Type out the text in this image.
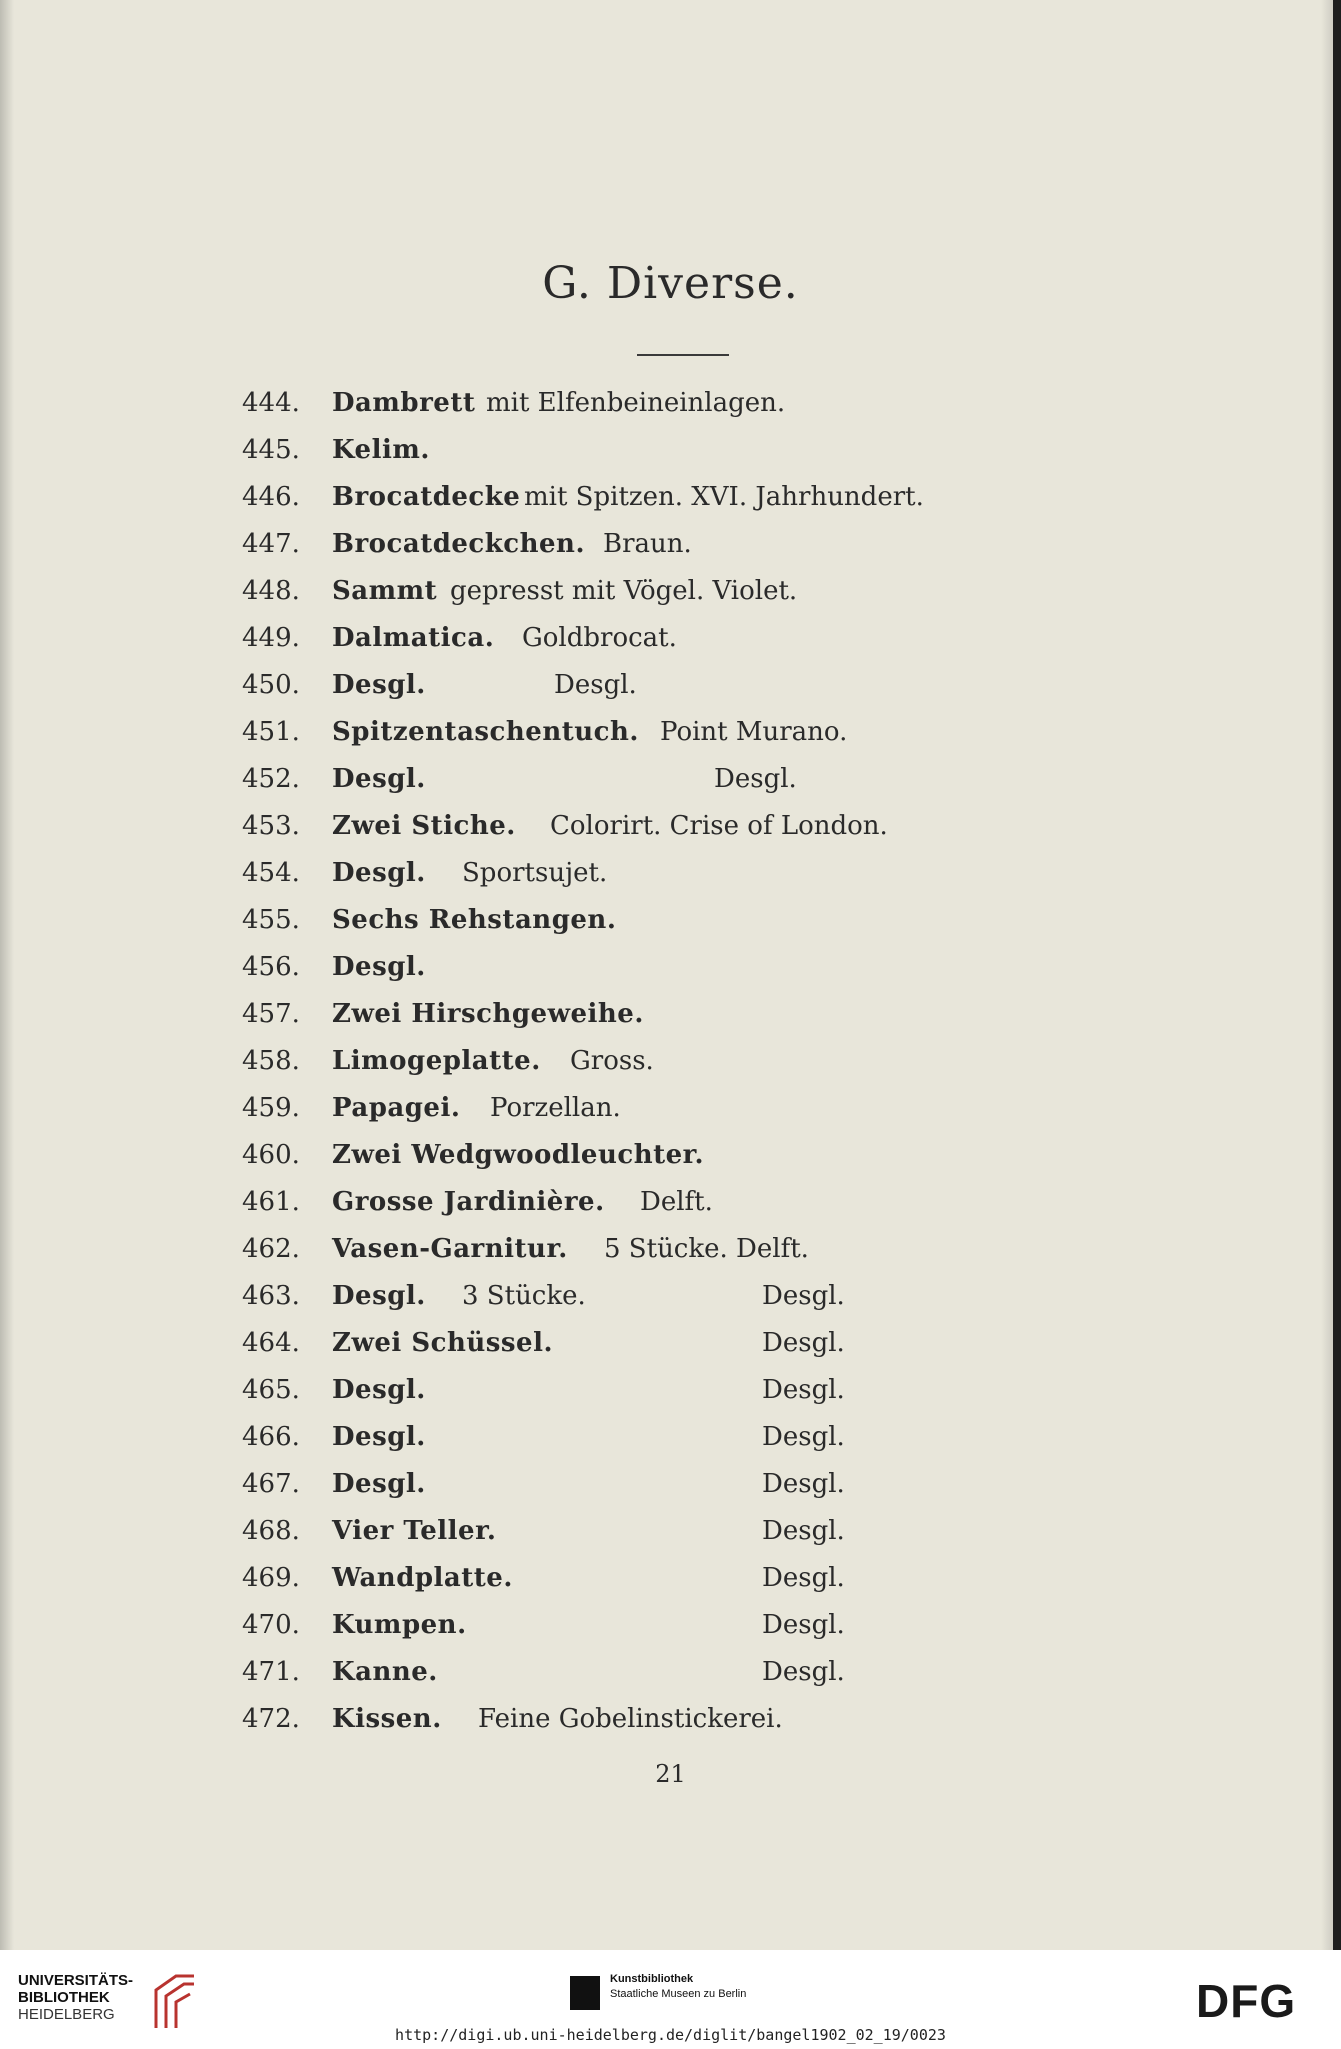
G. Diverse.
444. Dambrett mit Elfenbeineinlagen.
445. Kelim.
446. Brocatdecke mit Spitzen. XVI. Jahrhundert.
447. Brocatdeckchen. Braun.
448. Sammt gepresst mit Vögel. Violet.
449. Dalmatica. Goldbrocat.
450. Desgl.	Desgl.
451. Spitzentaschentuch. Point Murano.
452. Desgl.	Desgl.
453. Zwei Stiche. Colorirt. Crise of London.
454. Desgl. Sportsujet.
455. Sechs Rehstangen.
456. Desgl.
457. Zwei Hirschgeweihe.
458. Limogeplatte. Gross.
459. Papagei. Porzellan.
460. Zwei Wedgwoodleuchter.
461. Grosse Jardinière. Delft.
462. Vasen-Garnitur. 5 Stücke. Delft.
463. Desgl. 3 Stücke.	Desgl.
464. Zwei Schüssel.	Desgl.
465. Desgl.	Desgl.
466. Desgl.	Desgl.
467. Desgl.	Desgl.
468. Vier Teller.	Desgl.
469. Wandplatte.	Desgl.
470. Kumpen.	Desgl.
471. Kanne.	Desgl.
472. Kissen. Feine Gobelinstickerei.
21
UNIVERSITÄTS-
BIBLIOTHEK
HEIDELBERG
Kunstbibliothek
Staatliche Museen zu Berlin	DFG
http://digi.ub.uni-heidelberg.de/diglit/bangel1902_02_19/0023
